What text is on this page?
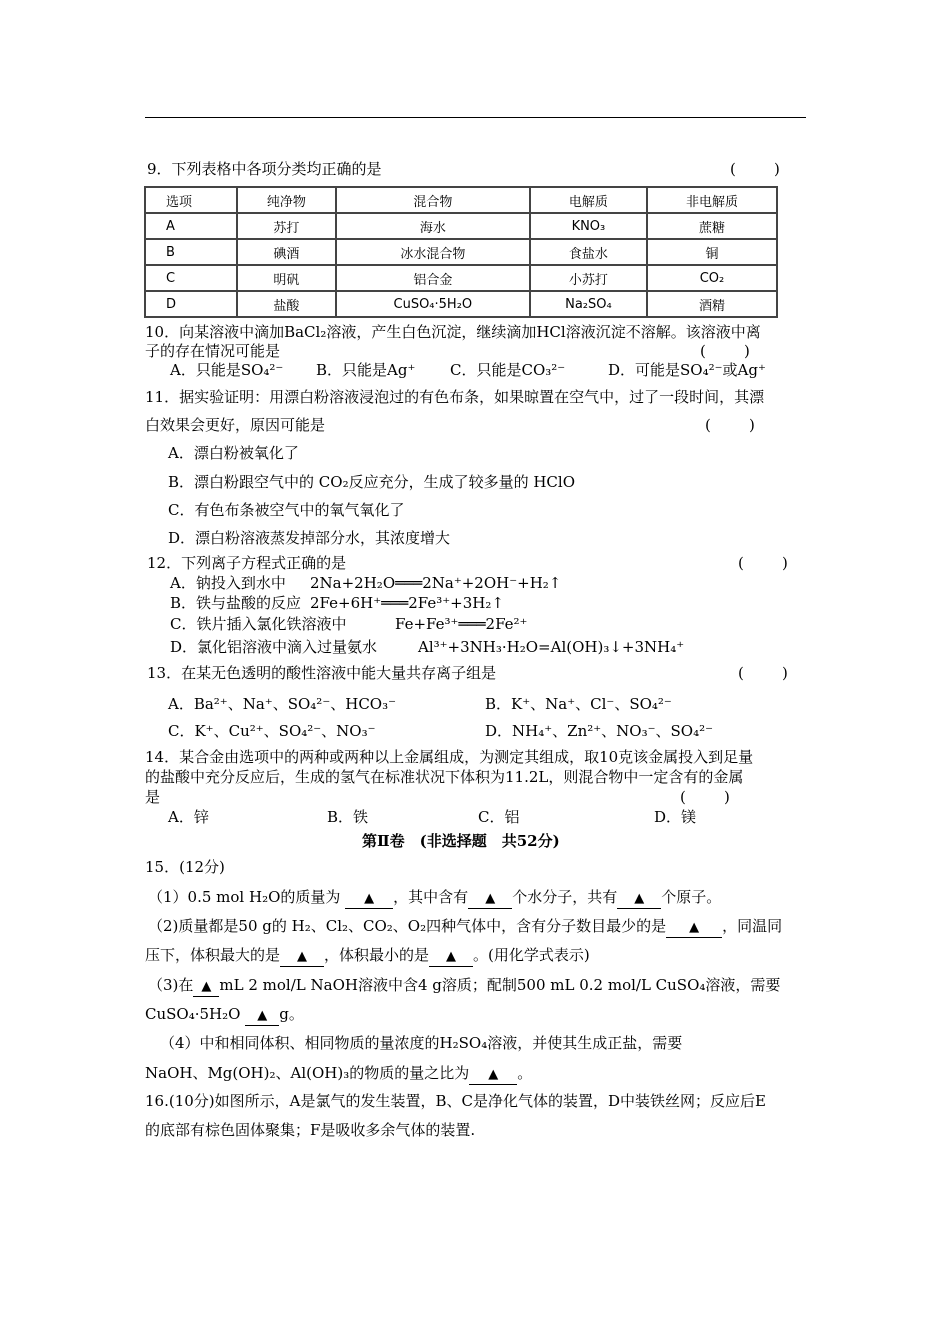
9．下列表格中各项分类均正确的是	(        )
选项	纯净物	混合物	电解质	非电解质
A	苏打	海水	KNO₃	蔗糖
B	碘酒	冰水混合物	食盐水	铜
C	明矾	铝合金	小苏打	CO₂
D	盐酸	CuSO₄·5H₂O	Na₂SO₄	酒精
10．向某溶液中滴加BaCl₂溶液，产生白色沉淀，继续滴加HCl溶液沉淀不溶解。该溶液中离
子的存在情况可能是	(        )
A．只能是SO₄²⁻ B．只能是Ag⁺ C．只能是CO₃²⁻	D．可能是SO₄²⁻或Ag⁺
11．据实验证明：用漂白粉溶液浸泡过的有色布条，如果晾置在空气中，过了一段时间，其漂
白效果会更好，原因可能是	(        )
A．漂白粉被氧化了
B．漂白粉跟空气中的 CO₂反应充分，生成了较多量的 HClO
C．有色布条被空气中的氧气氧化了
D．漂白粉溶液蒸发掉部分水，其浓度增大
12．下列离子方程式正确的是	(        )
A．钠投入到水中 2Na+2H₂O═══2Na⁺+2OH⁻+H₂↑
B．铁与盐酸的反应 2Fe+6H⁺═══2Fe³⁺+3H₂↑
C．铁片插入氯化铁溶液中	Fe+Fe³⁺═══2Fe²⁺
D．氯化铝溶液中滴入过量氨水	Al³⁺+3NH₃·H₂O=Al(OH)₃↓+3NH₄⁺
13．在某无色透明的酸性溶液中能大量共存离子组是	(        )
A．Ba²⁺、Na⁺、SO₄²⁻、HCO₃⁻	B．K⁺、Na⁺、Cl⁻、SO₄²⁻
C．K⁺、Cu²⁺、SO₄²⁻、NO₃⁻	D．NH₄⁺、Zn²⁺、NO₃⁻、SO₄²⁻
14．某合金由选项中的两种或两种以上金属组成，为测定其组成，取10克该金属投入到足量
的盐酸中充分反应后，生成的氢气在标准状况下体积为11.2L，则混合物中一定含有的金属
是	(        )
A．锌	B．铁	C．铝	D．镁
第Ⅱ卷　(非选择题　共52分)
15．(12分)
（1）0.5 mol H₂O的质量为 ▲ ，其中含有 ▲ 个水分子，共有 ▲ 个原子。
（2)质量都是50 g的 H₂、Cl₂、CO₂、O₂四种气体中，含有分子数目最少的是 ▲ ，同温同
压下，体积最大的是 ▲ ，体积最小的是 ▲ 。(用化学式表示)
（3)在 ▲ mL 2 mol/L NaOH溶液中含4 g溶质；配制500 mL 0.2 mol/L CuSO₄溶液，需要
CuSO₄·5H₂O ▲ g。
（4）中和相同体积、相同物质的量浓度的H₂SO₄溶液，并使其生成正盐，需要
NaOH、Mg(OH)₂、Al(OH)₃的物质的量之比为 ▲ 。
16.(10分)如图所示，A是氯气的发生装置，B、C是净化气体的装置，D中装铁丝网；反应后E
的底部有棕色固体聚集；F是吸收多余气体的装置.
